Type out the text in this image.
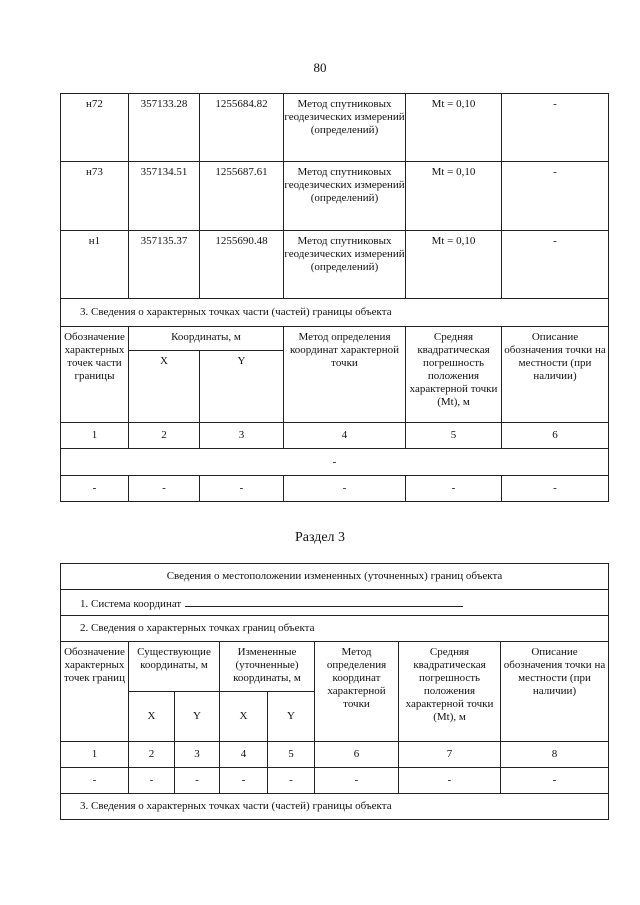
80
н72	357133.28	1255684.82	Метод спутниковых геодезических измерений (определений)	Mt = 0,10	-
н73	357134.51	1255687.61	Метод спутниковых геодезических измерений (определений)	Mt = 0,10	-
н1	357135.37	1255690.48	Метод спутниковых геодезических измерений (определений)	Mt = 0,10	-
3. Сведения о характерных точках части (частей) границы объекта					
Обозначение характерных точек части границы	Координаты, м		Метод определения координат характерной точки	Средняя квадратическая погрешность положения характерной точки (Mt), м	Описание обозначения точки на местности (при наличии)
	X	Y			
1	2	3	4	5	6
-					
-	-	-	-	-	-
Раздел 3
Сведения о местоположении измененных (уточненных) границ объекта							
1. Система координат							
2. Сведения о характерных точках границ объекта							
Обозначение характерных точек границ	Существующие координаты, м		Измененные (уточненные) координаты, м		Метод определения координат характерной точки	Средняя квадратическая погрешность положения характерной точки (Mt), м	Описание обозначения точки на местности (при наличии)
	X	Y	X	Y			
1	2	3	4	5	6	7	8
-	-	-	-	-	-	-	-
3. Сведения о характерных точках части (частей) границы объекта							
